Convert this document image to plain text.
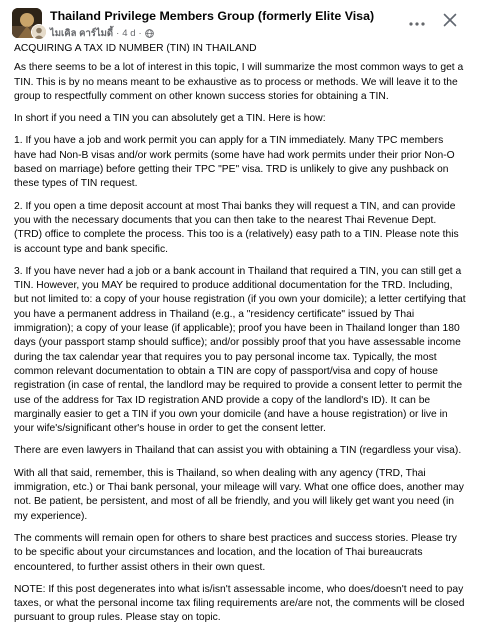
Thailand Privilege Members Group (formerly Elite Visa)
ไมเคิล คาร์ไมดี้ · 4 d ·

ACQUIRING A TAX ID NUMBER (TIN) IN THAILAND

As there seems to be a lot of interest in this topic, I will summarize the most common ways to get a TIN. This is by no means meant to be exhaustive as to process or methods. We will leave it to the group to respectfully comment on other known success stories for obtaining a TIN.

In short if you need a TIN you can absolutely get a TIN. Here is how:

1. If you have a job and work permit you can apply for a TIN immediately. Many TPC members have had Non-B visas and/or work permits (some have had work permits under their prior Non-O based on marriage) before getting their TPC "PE" visa. TRD is unlikely to give any pushback on these types of TIN request.

2. If you open a time deposit account at most Thai banks they will request a TIN, and can provide you with the necessary documents that you can then take to the nearest Thai Revenue Dept. (TRD) office to complete the process. This too is a (relatively) easy path to a TIN. Please note this is account type and bank specific.

3. If you have never had a job or a bank account in Thailand that required a TIN, you can still get a TIN. However, you MAY be required to produce additional documentation for the TRD. Including, but not limited to: a copy of your house registration (if you own your domicile); a letter certifying that you have a permanent address in Thailand (e.g., a "residency certificate" issued by Thai immigration); a copy of your lease (if applicable); proof you have been in Thailand longer than 180 days (your passport stamp should suffice); and/or possibly proof that you have assessable income during the tax calendar year that requires you to pay personal income tax. Typically, the most common relevant documentation to obtain a TIN are copy of passport/visa and copy of house registration (in case of rental, the landlord may be required to provide a consent letter to permit the use of the address for Tax ID registration AND provide a copy of the landlord's ID). It can be marginally easier to get a TIN if you own your domicile (and have a house registration) or live in your wife's/significant other's house in order to get the consent letter.

There are even lawyers in Thailand that can assist you with obtaining a TIN (regardless your visa).

With all that said, remember, this is Thailand, so when dealing with any agency (TRD, Thai immigration, etc.) or Thai bank personal, your mileage will vary. What one office does, another may not. Be patient, be persistent, and most of all be friendly, and you will likely get want you need (in my experience).

The comments will remain open for others to share best practices and success stories. Please try to be specific about your circumstances and location, and the location of Thai bureaucrats encountered, to further assist others in their own quest.

NOTE: If this post degenerates into what is/isn't assessable income, who does/doesn't need to pay taxes, or what the personal income tax filing requirements are/are not, the comments will be closed pursuant to group rules. Please stay on topic.
